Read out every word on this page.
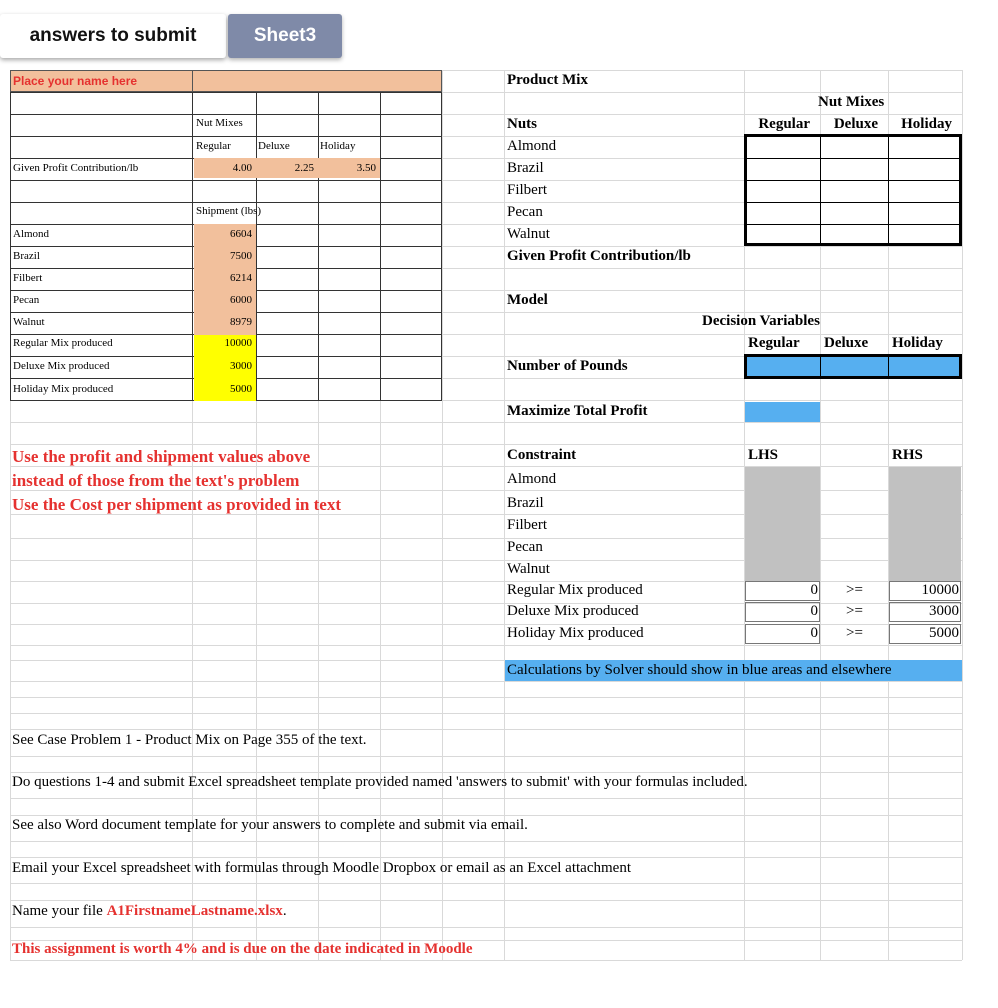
Place your name here
Nut Mixes
Regular Deluxe	Holiday
Given Profit Contribution/lb	4.00	2.25	3.50
Shipment (lbs)
Almond	6604
Brazil	7500
Filbert	6214
Pecan	6000
Walnut	8979
Regular Mix produced	10000
Deluxe Mix produced	3000
Holiday Mix produced	5000
Use the profit and shipment values above
instead of those from the text's problem
Use the Cost per shipment as provided in text
Product Mix
Nut Mixes
Nuts	Regular	Deluxe	Holiday
Almond
Brazil
Filbert
Pecan
Walnut
Given Profit Contribution/lb
Model
Decision Variables
Regular Deluxe Holiday
Number of Pounds
Maximize Total Profit
Constraint	LHS	RHS
Almond
Brazil
Filbert
Pecan
Walnut
Regular Mix produced	0 >=	10000
Deluxe Mix produced	0 >=	3000
Holiday Mix produced	0 >=	5000
Calculations by Solver should show in blue areas and elsewhere
See Case Problem 1 - Product Mix on Page 355 of the text.
Do questions 1-4 and submit Excel spreadsheet template provided named 'answers to submit' with your formulas included.
See also Word document template for your answers to complete and submit via email.
Email your Excel spreadsheet with formulas through Moodle Dropbox or email as an Excel attachment
Name your file A1FirstnameLastname.xlsx.
This assignment is worth 4% and is due on the date indicated in Moodle
answers to submit	Sheet3
